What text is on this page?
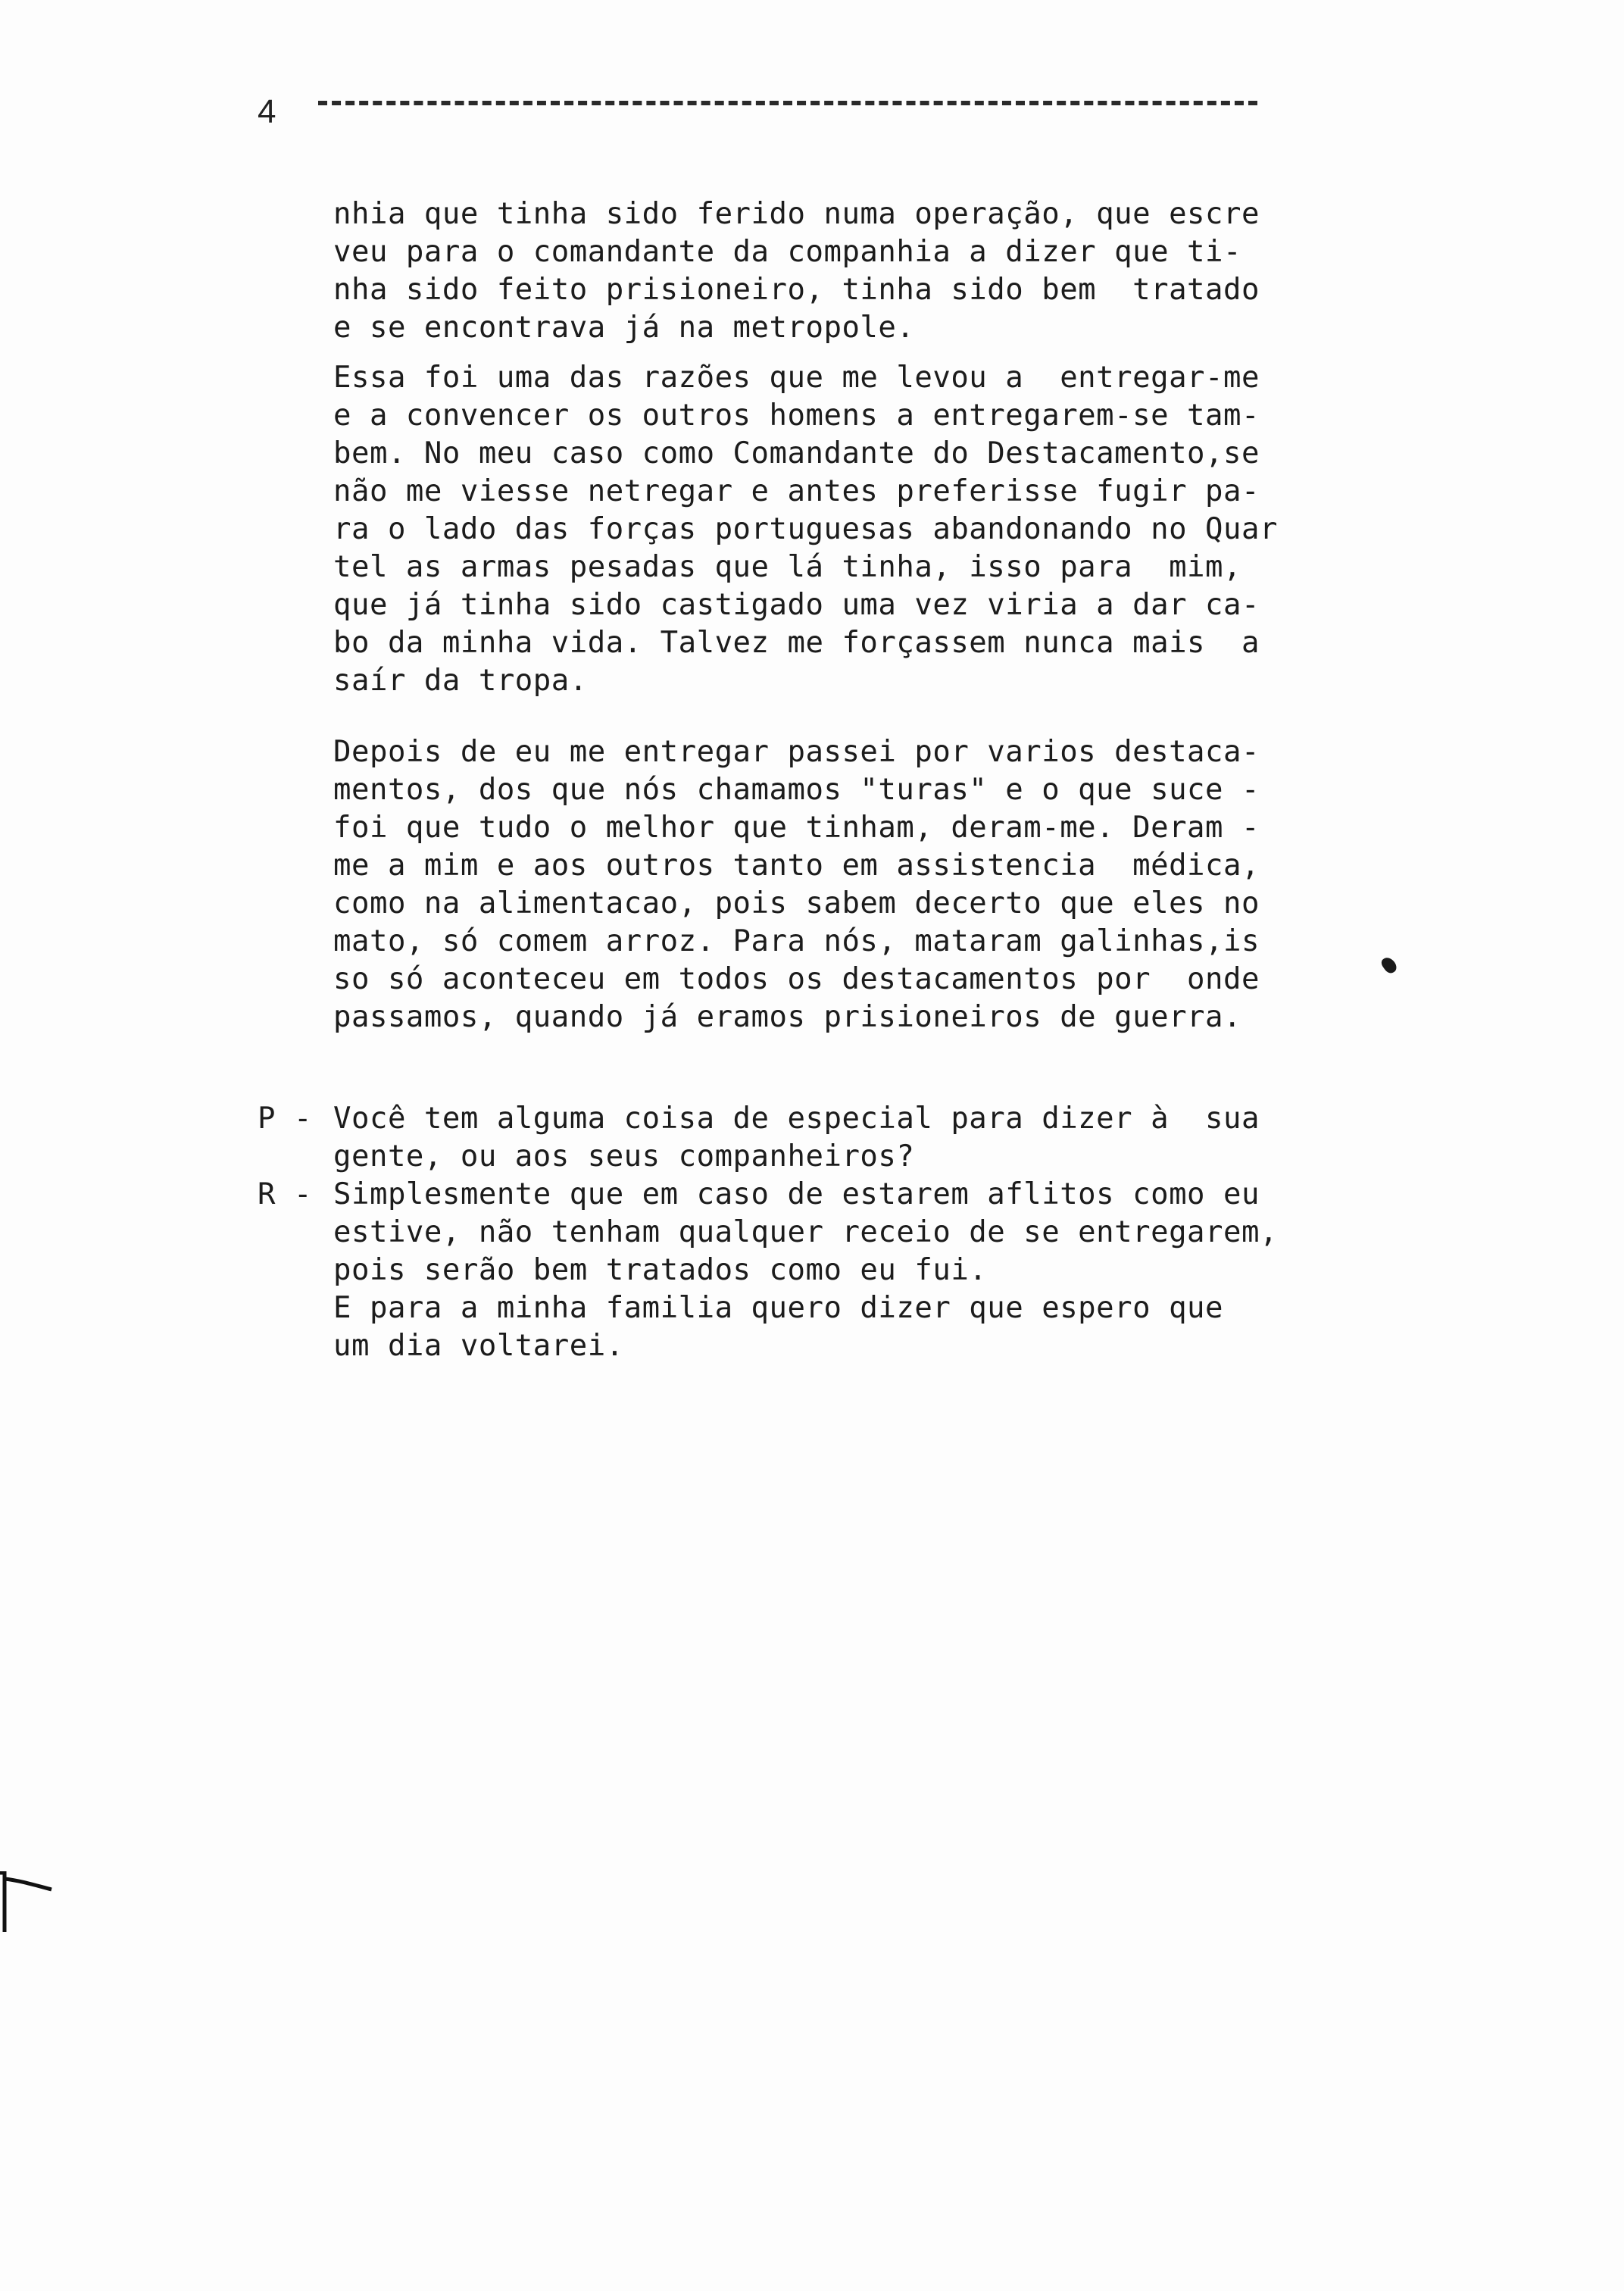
4
nhia que tinha sido ferido numa operação, que escre
veu para o comandante da companhia a dizer que ti-
nha sido feito prisioneiro, tinha sido bem  tratado
e se encontrava já na metropole.
Essa foi uma das razões que me levou a  entregar-me
e a convencer os outros homens a entregarem-se tam-
bem. No meu caso como Comandante do Destacamento,se
não me viesse netregar e antes preferisse fugir pa-
ra o lado das forças portuguesas abandonando no Quar
tel as armas pesadas que lá tinha, isso para  mim,
que já tinha sido castigado uma vez viria a dar ca-
bo da minha vida. Talvez me forçassem nunca mais  a
saír da tropa.
Depois de eu me entregar passei por varios destaca-
mentos, dos que nós chamamos "turas" e o que suce -
foi que tudo o melhor que tinham, deram-me. Deram -
me a mim e aos outros tanto em assistencia  médica,
como na alimentacao, pois sabem decerto que eles no
mato, só comem arroz. Para nós, mataram galinhas,is
so só aconteceu em todos os destacamentos por  onde
passamos, quando já eramos prisioneiros de guerra.
P - Você tem alguma coisa de especial para dizer à  sua
gente, ou aos seus companheiros?
R - Simplesmente que em caso de estarem aflitos como eu
estive, não tenham qualquer receio de se entregarem,
pois serão bem tratados como eu fui.
E para a minha familia quero dizer que espero que
um dia voltarei.
